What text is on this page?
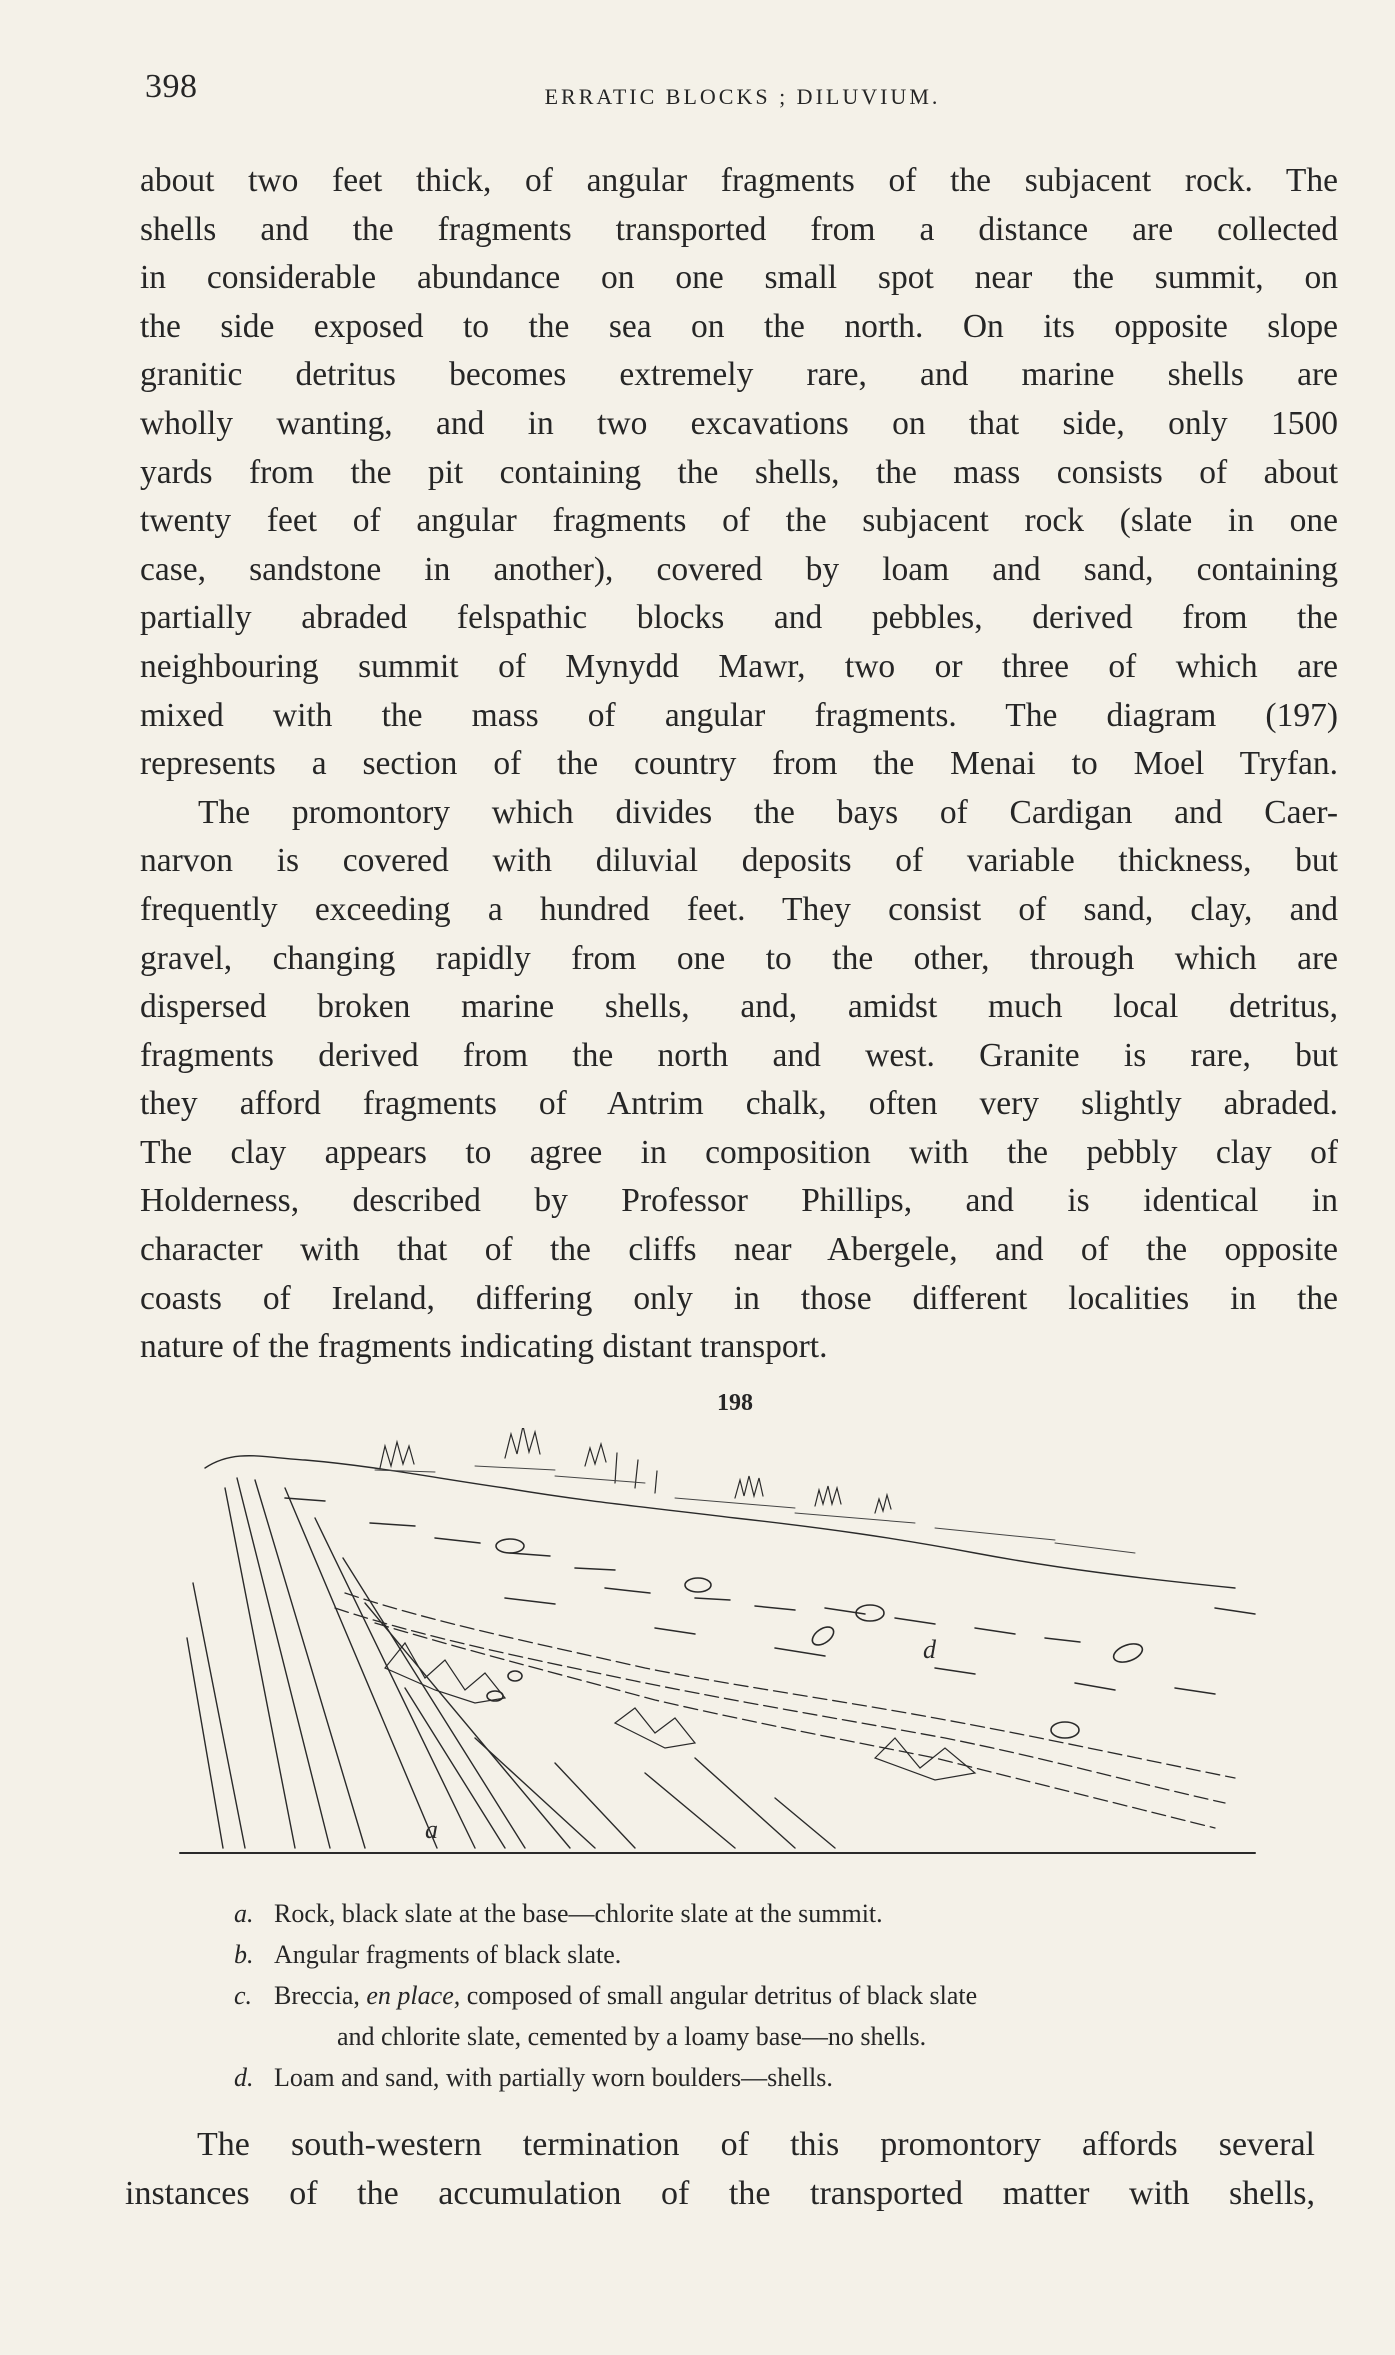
398	ERRATIC BLOCKS ; DILUVIUM.
about two feet thick, of angular fragments of the subjacent rock. The
shells and the fragments transported from a distance are collected
in considerable abundance on one small spot near the summit, on
the side exposed to the sea on the north. On its opposite slope
granitic detritus becomes extremely rare, and marine shells are
wholly wanting, and in two excavations on that side, only 1500
yards from the pit containing the shells, the mass consists of about
twenty feet of angular fragments of the subjacent rock (slate in one
case, sandstone in another), covered by loam and sand, containing
partially abraded felspathic blocks and pebbles, derived from the
neighbouring summit of Mynydd Mawr, two or three of which are
mixed with the mass of angular fragments. The diagram (197)
represents a section of the country from the Menai to Moel Tryfan.
The promontory which divides the bays of Cardigan and Caer-
narvon is covered with diluvial deposits of variable thickness, but
frequently exceeding a hundred feet. They consist of sand, clay, and
gravel, changing rapidly from one to the other, through which are
dispersed broken marine shells, and, amidst much local detritus,
fragments derived from the north and west. Granite is rare, but
they afford fragments of Antrim chalk, often very slightly abraded.
The clay appears to agree in composition with the pebbly clay of
Holderness, described by Professor Phillips, and is identical in
character with that of the cliffs near Abergele, and of the opposite
coasts of Ireland, differing only in those different localities in the
nature of the fragments indicating distant transport.
198
a
d
a. Rock, black slate at the base—chlorite slate at the summit.
b. Angular fragments of black slate.
c. Breccia, en place, composed of small angular detritus of black slate
and chlorite slate, cemented by a loamy base—no shells.
d. Loam and sand, with partially worn boulders—shells.
The south-western termination of this promontory affords several
instances of the accumulation of the transported matter with shells,
